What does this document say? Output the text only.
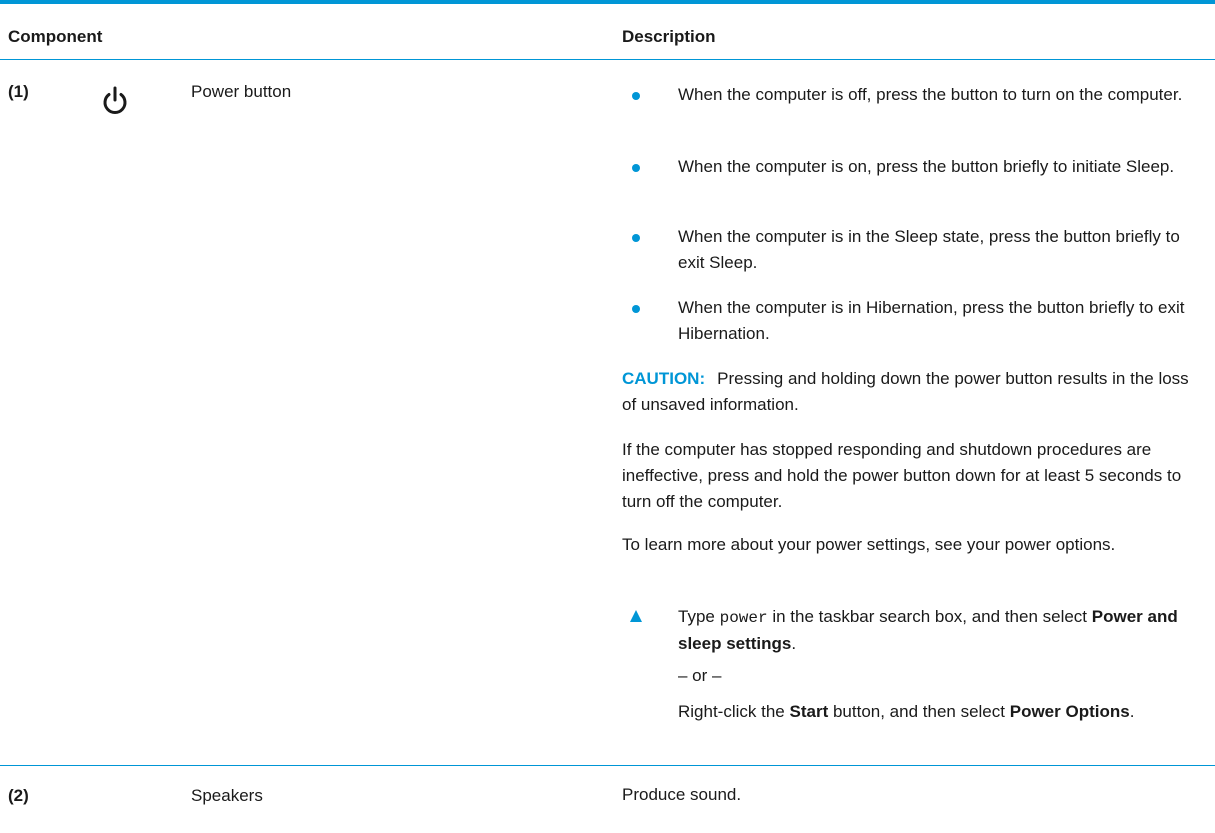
Component	Description
(1)	Power button	When the computer is off, press the button to turn on the computer.
When the computer is on, press the button briefly to initiate Sleep.
When the computer is in the Sleep state, press the button briefly to exit Sleep.
When the computer is in Hibernation, press the button briefly to exit Hibernation.
CAUTION: Pressing and holding down the power button results in the loss of unsaved information.
If the computer has stopped responding and shutdown procedures are ineffective, press and hold the power button down for at least 5 seconds to turn off the computer.
To learn more about your power settings, see your power options.
Type power in the taskbar search box, and then select Power and sleep settings.
– or –
Right-click the Start button, and then select Power Options.
(2)	Speakers	Produce sound.
